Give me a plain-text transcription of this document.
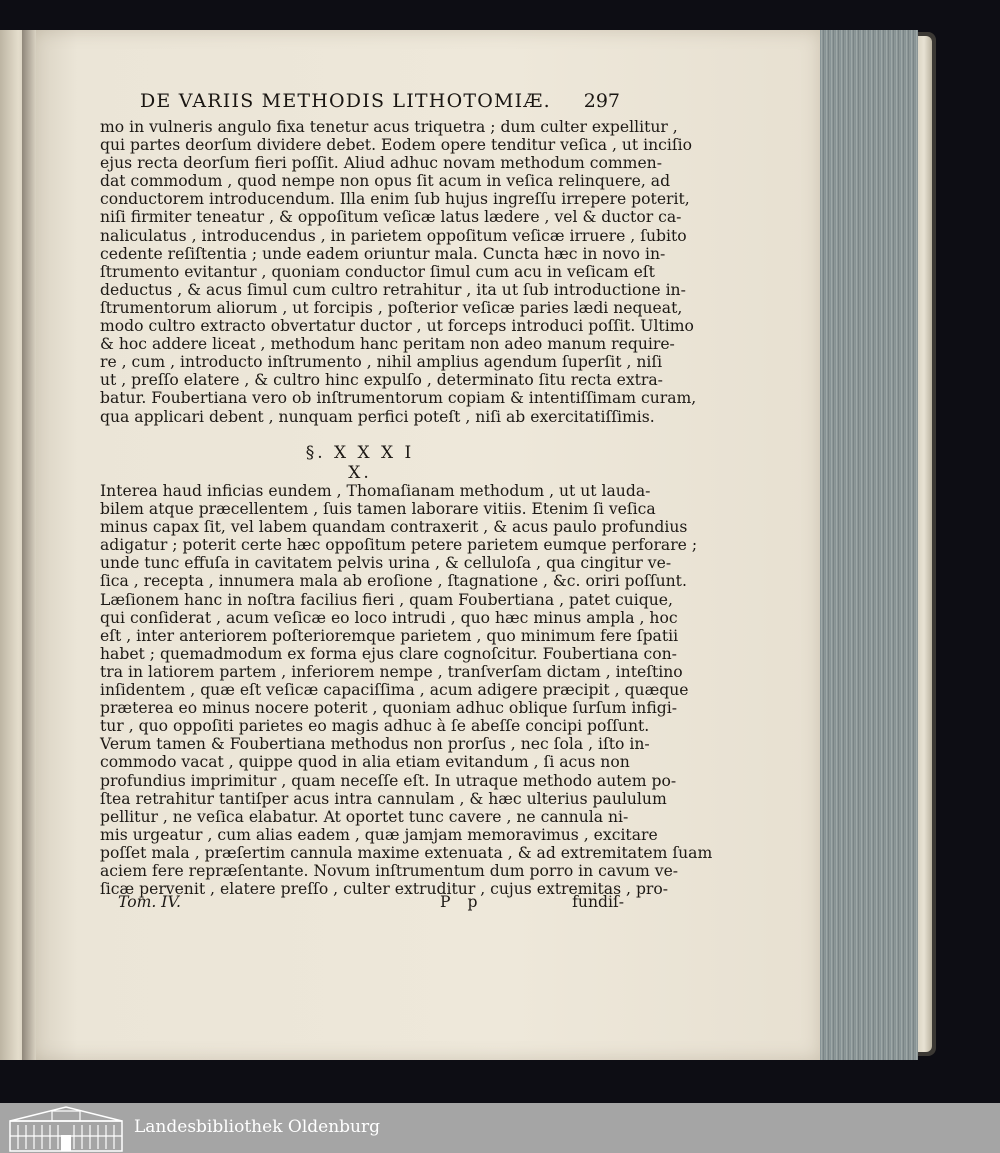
DE VARIIS METHODIS LITHOTOMIÆ. 297
mo in vulneris angulo fixa tenetur acus triquetra ; dum culter expellitur ,
qui partes deorſum dividere debet. Eodem opere tenditur veſica , ut inciſio
ejus recta deorſum fieri poſſit. Aliud adhuc novam methodum commen-
dat commodum , quod nempe non opus ſit acum in veſica relinquere, ad
conductorem introducendum. Illa enim ſub hujus ingreſſu irrepere poterit,
niſi firmiter teneatur , & oppoſitum veſicæ latus lædere , vel & ductor ca-
naliculatus , introducendus , in parietem oppoſitum veſicæ irruere , ſubito
cedente reſiſtentia ; unde eadem oriuntur mala. Cuncta hæc in novo in-
ſtrumento evitantur , quoniam conductor ſimul cum acu in veſicam eſt
deductus , & acus ſimul cum cultro retrahitur , ita ut ſub introductione in-
ſtrumentorum aliorum , ut forcipis , poſterior veſicæ paries lædi nequeat,
modo cultro extracto obvertatur ductor , ut forceps introduci poſſit. Ultimo
& hoc addere liceat , methodum hanc peritam non adeo manum require-
re , cum , introducto inſtrumento , nihil amplius agendum ſuperſit , niſi
ut , preſſo elatere , & cultro hinc expulſo , determinato ſitu recta extra-
batur. Foubertiana vero ob inſtrumentorum copiam & intentiſſimam curam,
qua applicari debent , nunquam perfici poteſt , niſi ab exercitatiſſimis.
§. X X X I X.
Interea haud inficias eundem , Thomaſianam methodum , ut ut lauda-
bilem atque præcellentem , ſuis tamen laborare vitiis. Etenim ſi veſica
minus capax ſit, vel labem quandam contraxerit , & acus paulo profundius
adigatur ; poterit certe hæc oppoſitum petere parietem eumque perforare ;
unde tunc effuſa in cavitatem pelvis urina , & celluloſa , qua cingitur ve-
ſica , recepta , innumera mala ab eroſione , ſtagnatione , &c. oriri poſſunt.
Læſionem hanc in noſtra facilius fieri , quam Foubertiana , patet cuique,
qui conſiderat , acum veſicæ eo loco intrudi , quo hæc minus ampla , hoc
eſt , inter anteriorem poſterioremque parietem , quo minimum fere ſpatii
habet ; quemadmodum ex forma ejus clare cognoſcitur. Foubertiana con-
tra in latiorem partem , inferiorem nempe , tranſverſam dictam , inteſtino
inſidentem , quæ eſt veſicæ capaciſſima , acum adigere præcipit , quæque
præterea eo minus nocere poterit , quoniam adhuc oblique ſurſum infigi-
tur , quo oppoſiti parietes eo magis adhuc à ſe abeſſe concipi poſſunt.
Verum tamen & Foubertiana methodus non prorſus , nec ſola , iſto in-
commodo vacat , quippe quod in alia etiam evitandum , ſi acus non
profundius imprimitur , quam neceſſe eſt. In utraque methodo autem po-
ſtea retrahitur tantiſper acus intra cannulam , & hæc ulterius paululum
pellitur , ne veſica elabatur. At oportet tunc cavere , ne cannula ni-
mis urgeatur , cum alias eadem , quæ jamjam memoravimus , excitare
poſſet mala , præſertim cannula maxime extenuata , & ad extremitatem ſuam
aciem fere repræſentante. Novum inſtrumentum dum porro in cavum ve-
ſicæ pervenit , elatere preſſo , culter extruditur , cujus extremitas , pro-
Tom. IV.	P p	fundiſ-
Landesbibliothek Oldenburg
